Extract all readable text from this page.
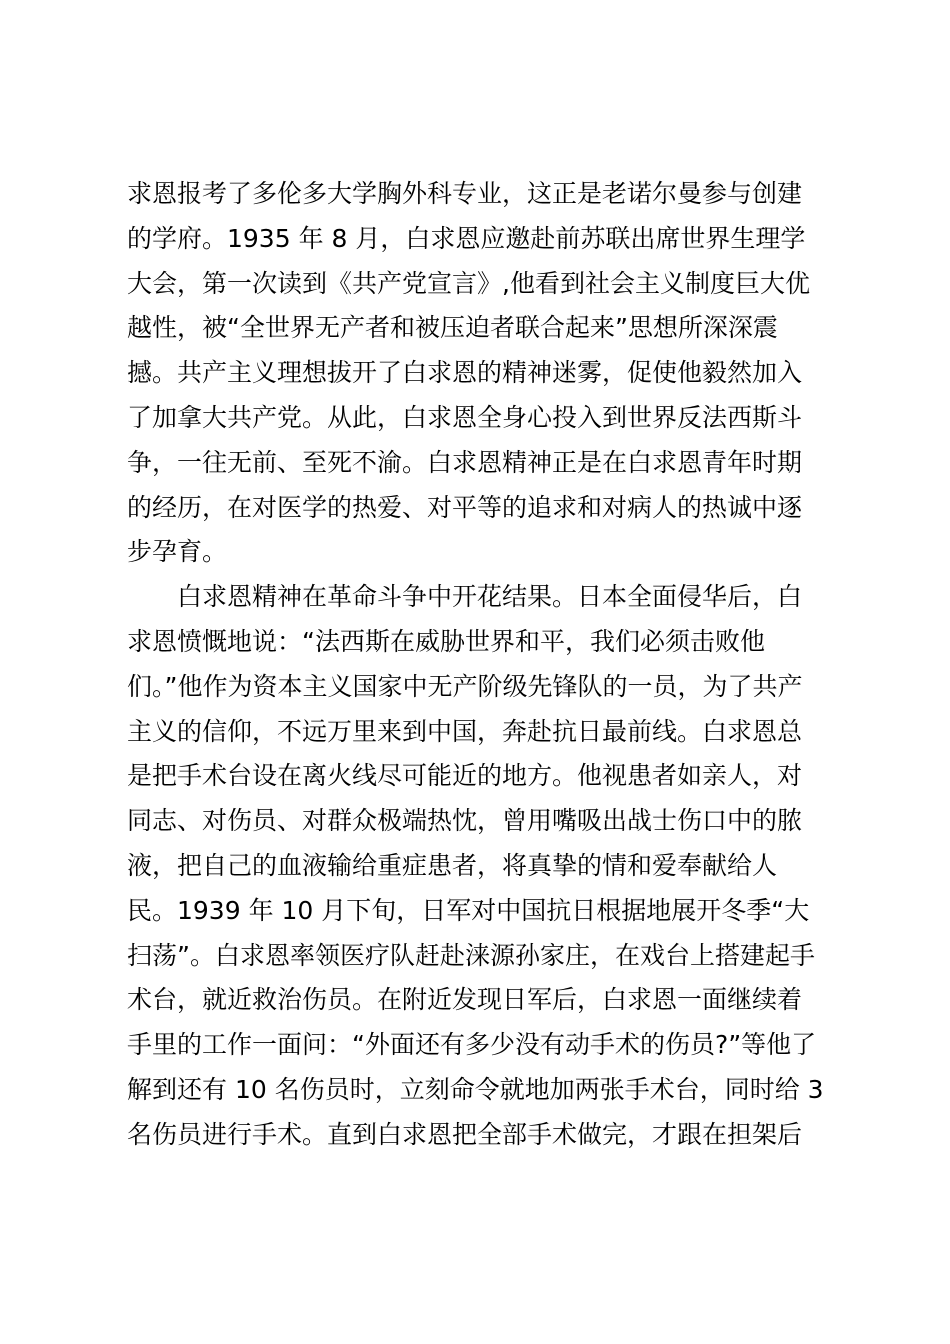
求恩报考了多伦多大学胸外科专业，这正是老诺尔曼参与创建
的学府。1935 年 8 月，白求恩应邀赴前苏联出席世界生理学
大会，第一次读到《共产党宣言》,他看到社会主义制度巨大优
越性，被“全世界无产者和被压迫者联合起来”思想所深深震
撼。共产主义理想拔开了白求恩的精神迷雾，促使他毅然加入
了加拿大共产党。从此，白求恩全身心投入到世界反法西斯斗
争，一往无前、至死不渝。白求恩精神正是在白求恩青年时期
的经历，在对医学的热爱、对平等的追求和对病人的热诚中逐
步孕育。
白求恩精神在革命斗争中开花结果。日本全面侵华后，白
求恩愤慨地说：“法西斯在威胁世界和平，我们必须击败他
们。”他作为资本主义国家中无产阶级先锋队的一员，为了共产
主义的信仰，不远万里来到中国，奔赴抗日最前线。白求恩总
是把手术台设在离火线尽可能近的地方。他视患者如亲人，对
同志、对伤员、对群众极端热忱，曾用嘴吸出战士伤口中的脓
液，把自己的血液输给重症患者，将真挚的情和爱奉献给人
民。1939 年 10 月下旬，日军对中国抗日根据地展开冬季“大
扫荡”。白求恩率领医疗队赶赴涞源孙家庄，在戏台上搭建起手
术台，就近救治伤员。在附近发现日军后，白求恩一面继续着
手里的工作一面问：“外面还有多少没有动手术的伤员?”等他了
解到还有 10 名伤员时，立刻命令就地加两张手术台，同时给 3
名伤员进行手术。直到白求恩把全部手术做完，才跟在担架后
